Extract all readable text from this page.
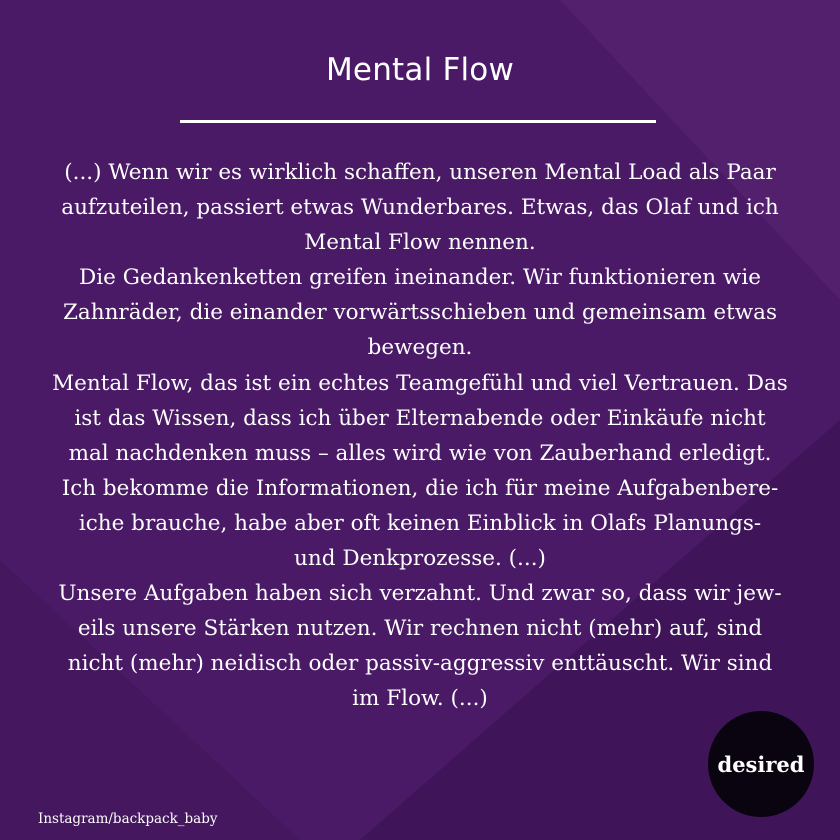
Mental Flow
(...) Wenn wir es wirklich schaffen, unseren Mental Load als Paar
aufzuteilen, passiert etwas Wunderbares. Etwas, das Olaf und ich
Mental Flow nennen.
Die Gedankenketten greifen ineinander. Wir funktionieren wie
Zahnräder, die einander vorwärtsschieben und gemeinsam etwas
bewegen.
Mental Flow, das ist ein echtes Teamgefühl und viel Vertrauen. Das
ist das Wissen, dass ich über Elternabende oder Einkäufe nicht
mal nachdenken muss – alles wird wie von Zauberhand erledigt.
Ich bekomme die Informationen, die ich für meine Aufgabenbere-
iche brauche, habe aber oft keinen Einblick in Olafs Planungs-
und Denkprozesse. (...)
Unsere Aufgaben haben sich verzahnt. Und zwar so, dass wir jew-
eils unsere Stärken nutzen. Wir rechnen nicht (mehr) auf, sind
nicht (mehr) neidisch oder passiv-aggressiv enttäuscht. Wir sind
im Flow. (...)
desired
Instagram/backpack_baby
